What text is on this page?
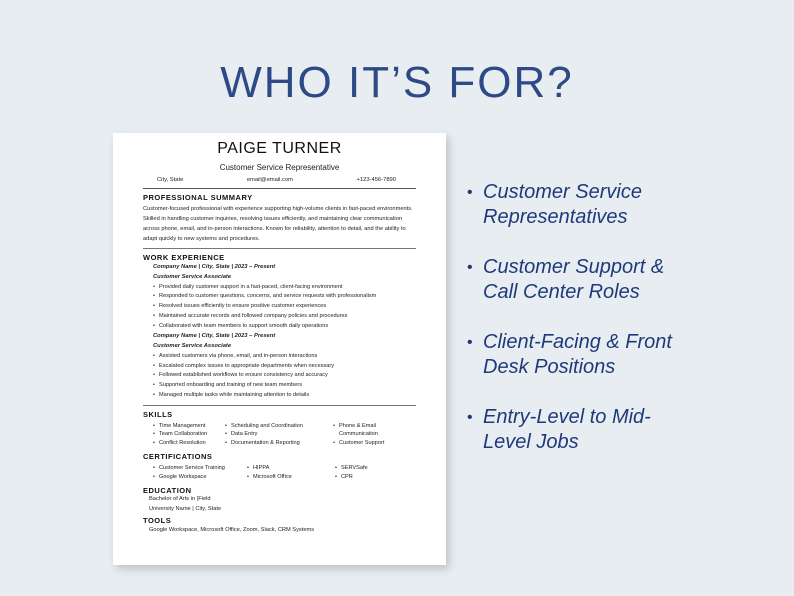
WHO IT’S FOR?
PAIGE TURNER
Customer Service Representative
City, State	email@email.com	+123-456-7890
PROFESSIONAL SUMMARY
Customer-focused professional with experience supporting high-volume clients in fast-paced environments. Skilled in handling customer inquiries, resolving issues efficiently, and maintaining clear communication across phone, email, and in-person interactions. Known for reliability, attention to detail, and the ability to adapt quickly to new systems and procedures.
WORK EXPERIENCE
Company Name | City, State | 2023 – Present
Customer Service Associate
• Provided daily customer support in a fast-paced, client-facing environment
• Responded to customer questions, concerns, and service requests with professionalism
• Resolved issues efficiently to ensure positive customer experiences
• Maintained accurate records and followed company policies and procedures
• Collaborated with team members to support smooth daily operations
Company Name | City, State | 2023 – Present
Customer Service Associate
• Assisted customers via phone, email, and in-person interactions
• Escalated complex issues to appropriate departments when necessary
• Followed established workflows to ensure consistency and accuracy
• Supported onboarding and training of new team members
• Managed multiple tasks while maintaining attention to details
SKILLS
• Time Management
• Team Collaboration
• Conflict Resolution
• Scheduling and Coordination
• Data Entry
• Documentation & Reporting
• Phone & Email Communication
• Customer Support
CERTIFICATIONS
• Customer Service Training
• Google Workspace
• HIPPA
• Microsoft Office
• SERVSafe
• CPR
EDUCATION
Bachelor of Arts in |Field
University Name | City, State
TOOLS
Google Workspace, Microsoft Office, Zoom, Slack, CRM Systems
• Customer Service Representatives
• Customer Support & Call Center Roles
• Client-Facing & Front Desk Positions
• Entry-Level to Mid-Level Jobs
